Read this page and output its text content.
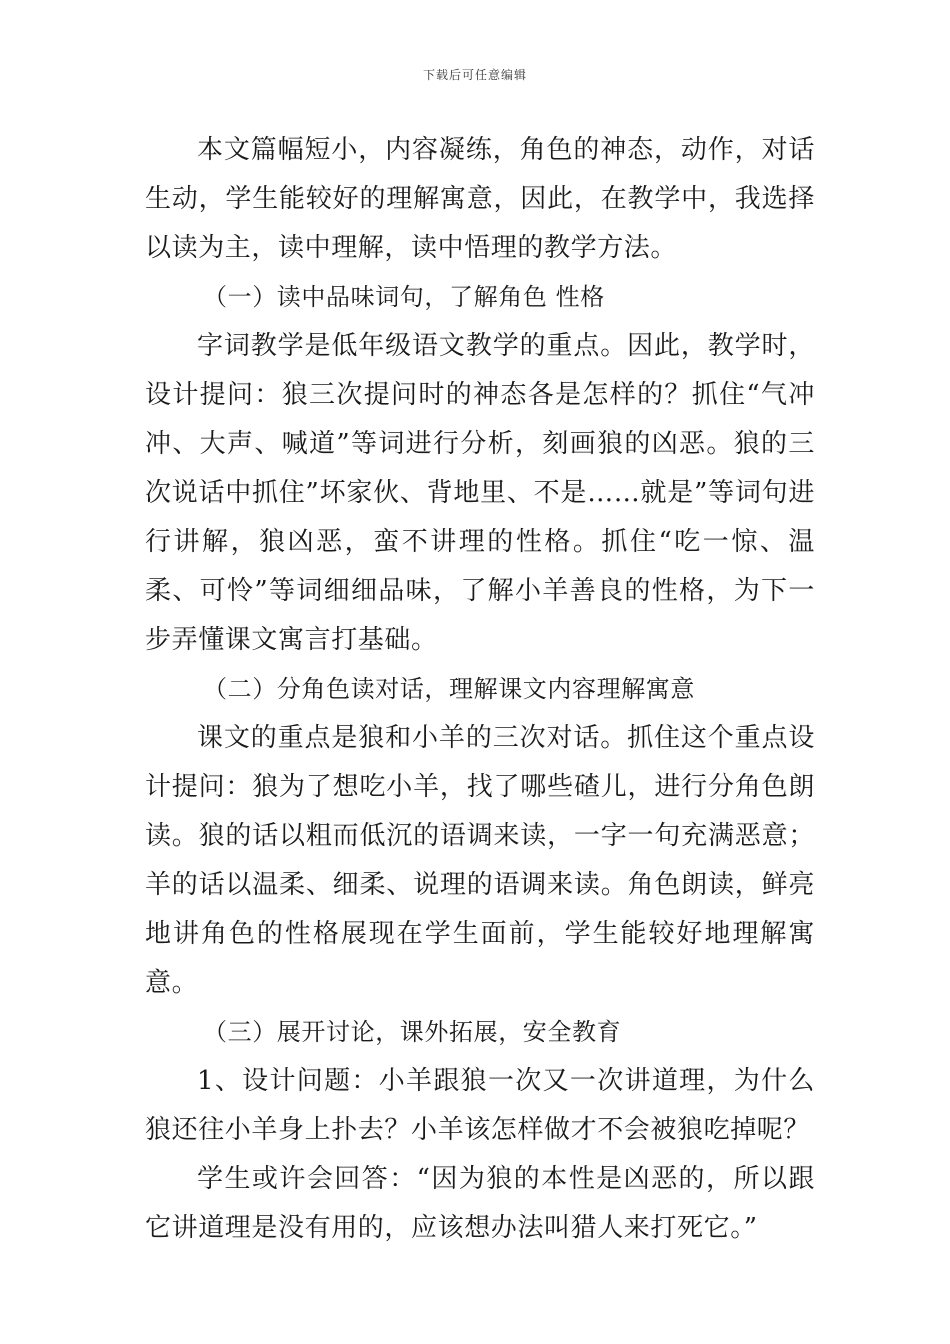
下载后可任意编辑

本文篇幅短小，内容凝练，角色的神态，动作，对话生动，学生能较好的理解寓意，因此，在教学中，我选择以读为主，读中理解，读中悟理的教学方法。

（一）读中品味词句，了解角色 性格

字词教学是低年级语文教学的重点。因此，教学时，设计提问：狼三次提问时的神态各是怎样的？抓住“气冲冲、大声、喊道”等词进行分析，刻画狼的凶恶。狼的三次说话中抓住”坏家伙、背地里、不是……就是”等词句进行讲解，狼凶恶，蛮不讲理的性格。抓住“吃一惊、温柔、可怜”等词细细品味，了解小羊善良的性格，为下一步弄懂课文寓言打基础。

（二）分角色读对话，理解课文内容理解寓意

课文的重点是狼和小羊的三次对话。抓住这个重点设计提问：狼为了想吃小羊，找了哪些碴儿，进行分角色朗读。狼的话以粗而低沉的语调来读，一字一句充满恶意；羊的话以温柔、细柔、说理的语调来读。角色朗读，鲜亮地讲角色的性格展现在学生面前，学生能较好地理解寓意。

（三）展开讨论，课外拓展，安全教育

1、设计问题：小羊跟狼一次又一次讲道理，为什么狼还往小羊身上扑去？小羊该怎样做才不会被狼吃掉呢？

学生或许会回答：“因为狼的本性是凶恶的，所以跟它讲道理是没有用的，应该想办法叫猎人来打死它。”
